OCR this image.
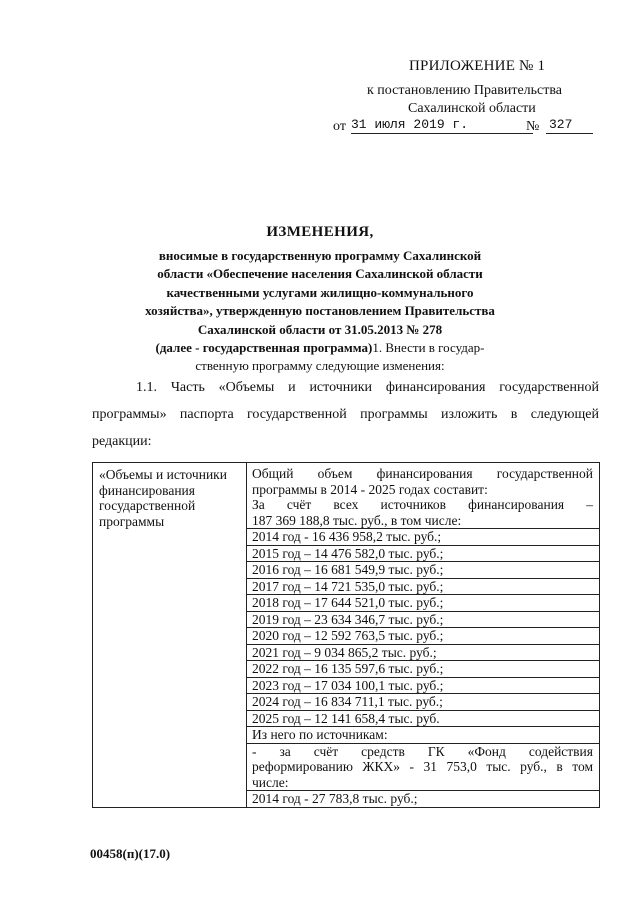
ПРИЛОЖЕНИЕ № 1
к постановлению Правительства
Сахалинской области
от 31 июля 2019 г.	№ 327
ИЗМЕНЕНИЯ,
вносимые в государственную программу Сахалинской
области «Обеспечение населения Сахалинской области
качественными услугами жилищно-коммунального
хозяйства», утвержденную постановлением Правительства
Сахалинской области от 31.05.2013 № 278
(далее - государственная программа)1. Внести в государ-
ственную программу следующие изменения:
1.1. Часть «Объемы и источники финансирования государственной программы» паспорта государственной программы изложить в следующей редакции:
«Объемы и источники финансирования государственной программы	
Общий объем финансирования государственной
программы в 2014 - 2025 годах составит:
За счёт всех источников финансирования –
187 369 188,8 тыс. руб., в том числе:
2014 год - 16 436 958,2 тыс. руб.;
2015 год – 14 476 582,0 тыс. руб.;
2016 год – 16 681 549,9 тыс. руб.;
2017 год – 14 721 535,0 тыс. руб.;
2018 год – 17 644 521,0 тыс. руб.;
2019 год – 23 634 346,7 тыс. руб.;
2020 год – 12 592 763,5 тыс. руб.;
2021 год – 9 034 865,2 тыс. руб.;
2022 год – 16 135 597,6 тыс. руб.;
2023 год – 17 034 100,1 тыс. руб.;
2024 год – 16 834 711,1 тыс. руб.;
2025 год – 12 141 658,4 тыс. руб.
Из него по источникам:
- за счёт средств ГК «Фонд содействия
реформированию ЖКХ» - 31 753,0 тыс. руб., в том
числе:
2014 год - 27 783,8 тыс. руб.;
00458(п)(17.0)
